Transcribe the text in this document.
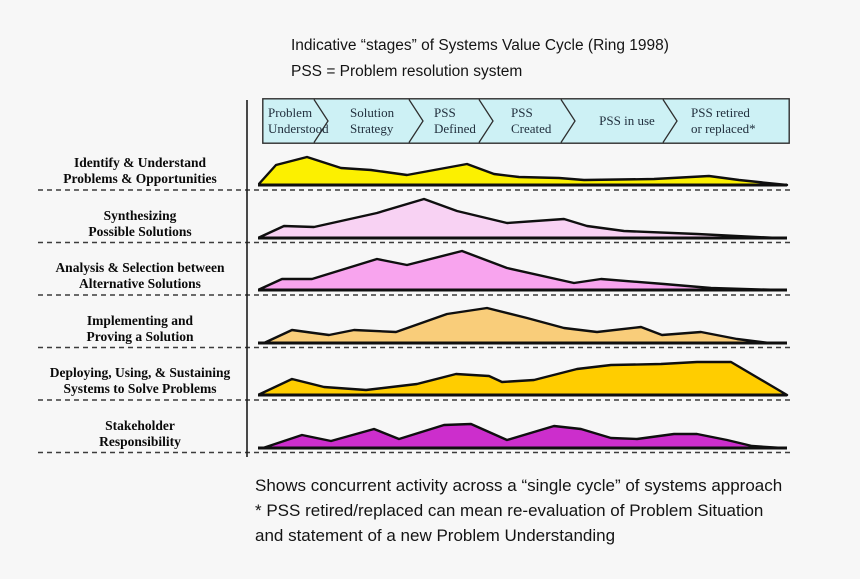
Indicative “stages” of Systems Value Cycle (Ring 1998)
PSS = Problem resolution system
Problem
Understood
Solution
Strategy
PSS
Defined
PSS
Created
PSS in use
PSS retired
or replaced*
Identify & Understand
Problems & Opportunities
Synthesizing
Possible Solutions
Analysis & Selection between
Alternative Solutions
Implementing and
Proving a Solution
Deploying, Using, & Sustaining
Systems to Solve Problems
Stakeholder
Responsibility
Shows concurrent activity across a “single cycle” of systems approach
* PSS retired/replaced can mean re-evaluation of Problem Situation
and statement of a new Problem Understanding
